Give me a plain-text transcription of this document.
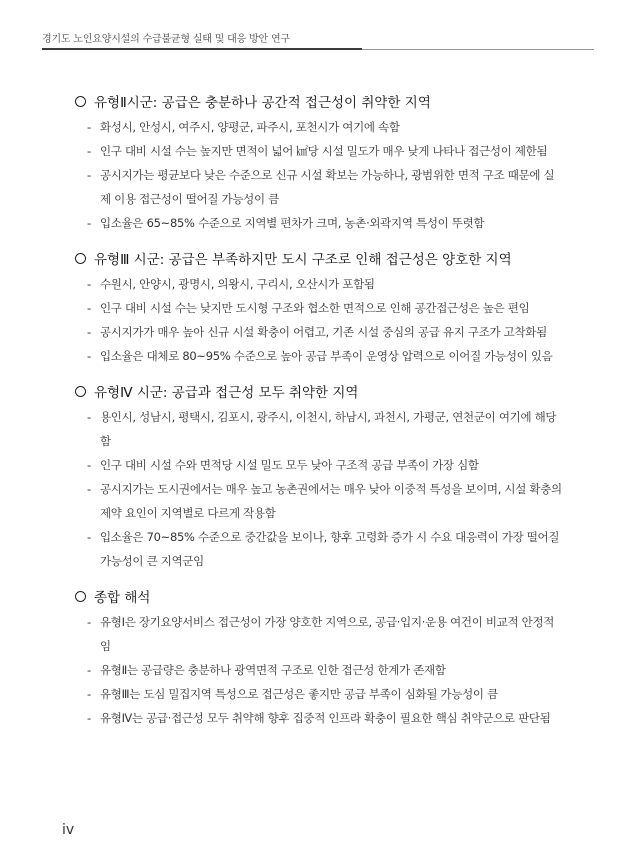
경기도 노인요양시설의 수급불균형 실태 및 대응 방안 연구
유형Ⅱ시군: 공급은 충분하나 공간적 접근성이 취약한 지역
- 화성시, 안성시, 여주시, 양평군, 파주시, 포천시가 여기에 속함
- 인구 대비 시설 수는 높지만 면적이 넓어 ㎢당 시설 밀도가 매우 낮게 나타나 접근성이 제한됨
- 공시지가는 평균보다 낮은 수준으로 신규 시설 확보는 가능하나, 광범위한 면적 구조 때문에 실제 이용 접근성이 떨어질 가능성이 큼
- 입소율은 65~85% 수준으로 지역별 편차가 크며, 농촌·외곽지역 특성이 뚜렷함
유형Ⅲ 시군: 공급은 부족하지만 도시 구조로 인해 접근성은 양호한 지역
- 수원시, 안양시, 광명시, 의왕시, 구리시, 오산시가 포함됨
- 인구 대비 시설 수는 낮지만 도시형 구조와 협소한 면적으로 인해 공간접근성은 높은 편임
- 공시지가가 매우 높아 신규 시설 확충이 어렵고, 기존 시설 중심의 공급 유지 구조가 고착화됨
- 입소율은 대체로 80~95% 수준으로 높아 공급 부족이 운영상 압력으로 이어질 가능성이 있음
유형Ⅳ 시군: 공급과 접근성 모두 취약한 지역
- 용인시, 성남시, 평택시, 김포시, 광주시, 이천시, 하남시, 과천시, 가평군, 연천군이 여기에 해당함
- 인구 대비 시설 수와 면적당 시설 밀도 모두 낮아 구조적 공급 부족이 가장 심함
- 공시지가는 도시권에서는 매우 높고 농촌권에서는 매우 낮아 이중적 특성을 보이며, 시설 확충의 제약 요인이 지역별로 다르게 작용함
- 입소율은 70~85% 수준으로 중간값을 보이나, 향후 고령화 증가 시 수요 대응력이 가장 떨어질 가능성이 큰 지역군임
종합 해석
- 유형Ⅰ은 장기요양서비스 접근성이 가장 양호한 지역으로, 공급·입지·운용 여건이 비교적 안정적임
- 유형Ⅱ는 공급량은 충분하나 광역면적 구조로 인한 접근성 한계가 존재함
- 유형Ⅲ는 도심 밀집지역 특성으로 접근성은 좋지만 공급 부족이 심화될 가능성이 큼
- 유형Ⅳ는 공급·접근성 모두 취약해 향후 집중적 인프라 확충이 필요한 핵심 취약군으로 판단됨
iv
